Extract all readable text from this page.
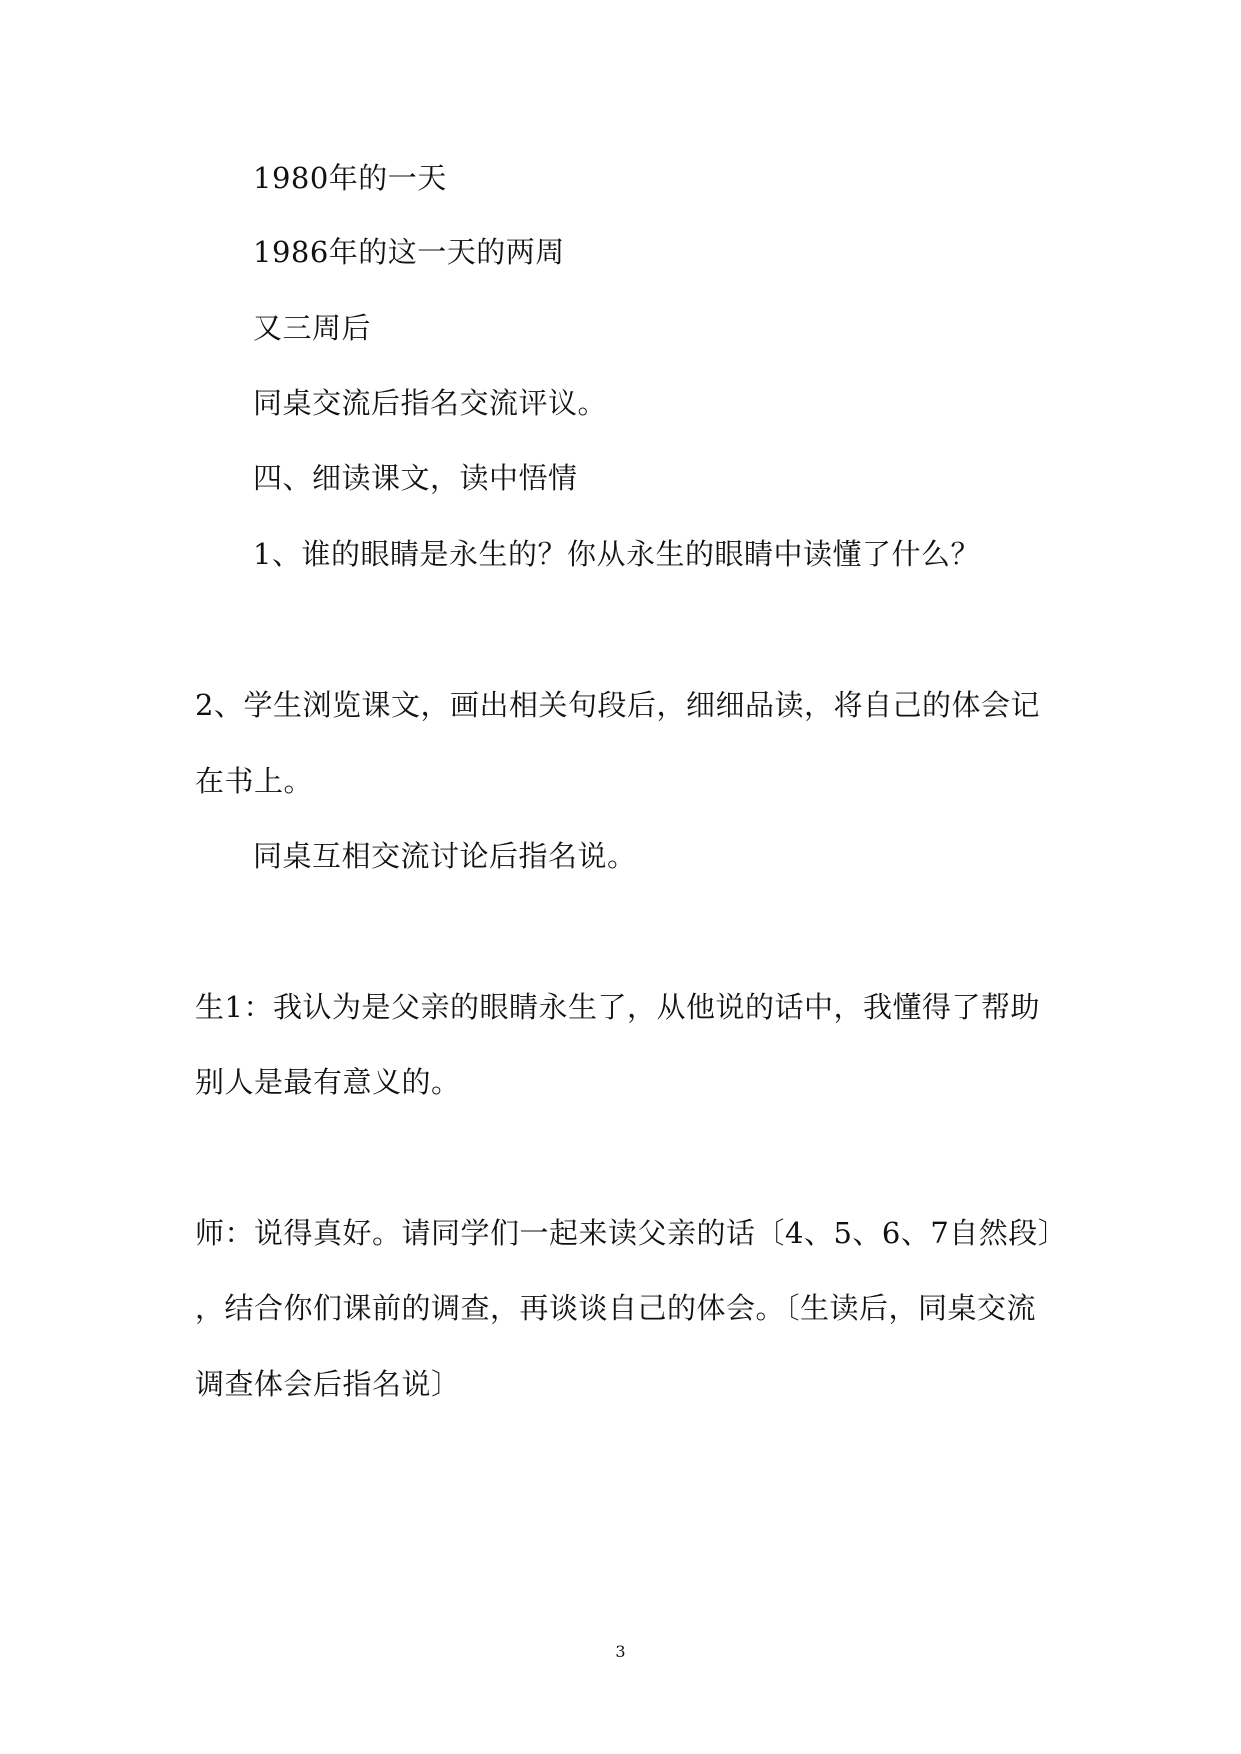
1980年的一天
1986年的这一天的两周
又三周后
同桌交流后指名交流评议。
四、细读课文，读中悟情
1、谁的眼睛是永生的？你从永生的眼睛中读懂了什么？
2、学生浏览课文，画出相关句段后，细细品读，将自己的体会记
在书上。
同桌互相交流讨论后指名说。
生1：我认为是父亲的眼睛永生了，从他说的话中，我懂得了帮助
别人是最有意义的。
师：说得真好。请同学们一起来读父亲的话〔4、5、6、7自然段〕
，结合你们课前的调查，再谈谈自己的体会。〔生读后，同桌交流
调查体会后指名说〕
3
